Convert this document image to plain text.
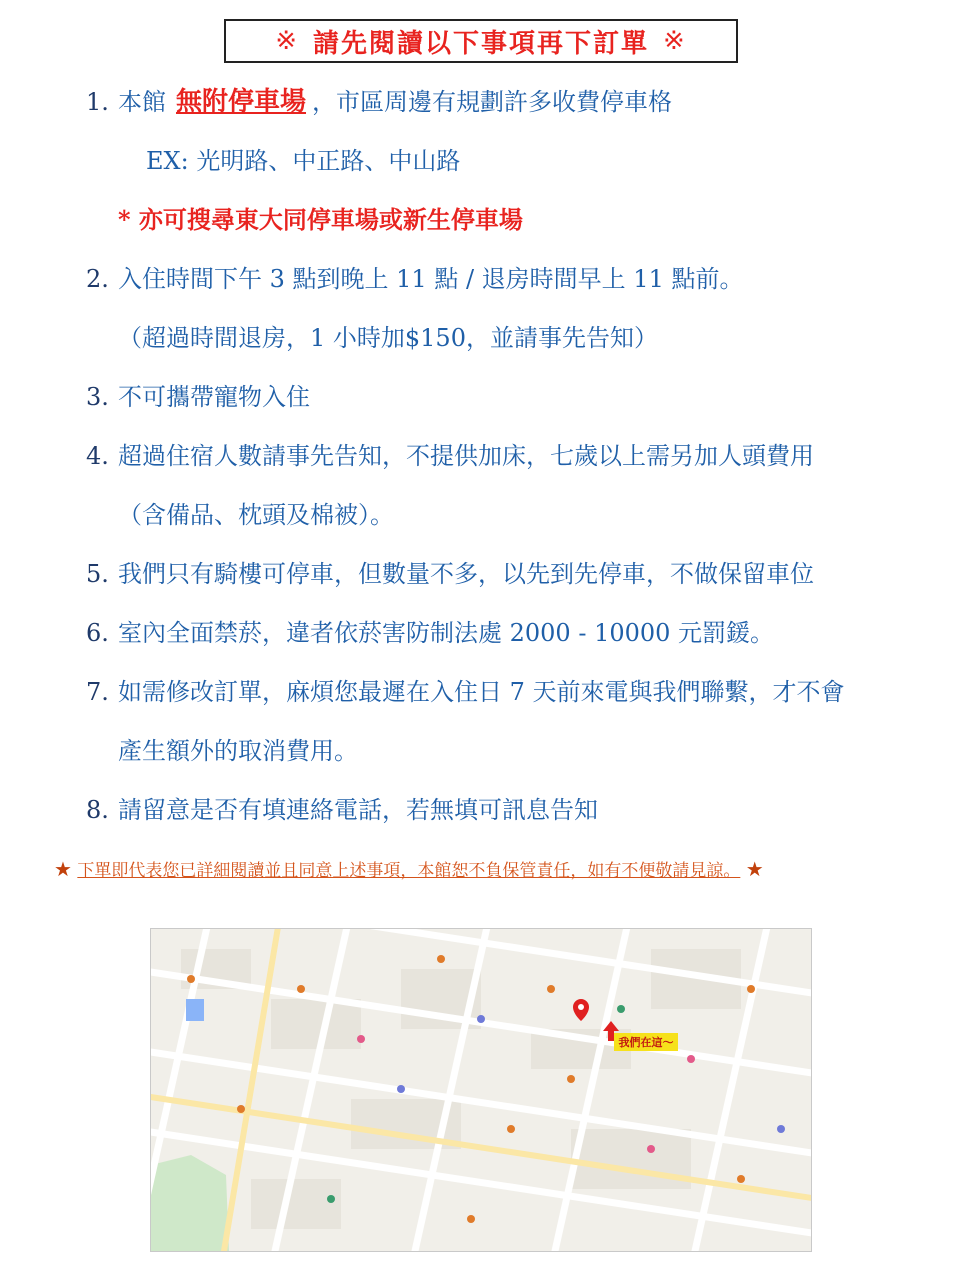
※ 請先閱讀以下事項再下訂單 ※
1. 本館 無附停車場 ，市區周邊有規劃許多收費停車格
EX: 光明路、中正路、中山路
* 亦可搜尋東大同停車場或新生停車場
2. 入住時間下午 3 點到晚上 11 點 / 退房時間早上 11 點前。
（超過時間退房，1 小時加$150，並請事先告知）
3. 不可攜帶寵物入住
4. 超過住宿人數請事先告知，不提供加床，七歲以上需另加人頭費用
（含備品、枕頭及棉被）。
5. 我們只有騎樓可停車，但數量不多，以先到先停車，不做保留車位
6. 室內全面禁菸，違者依菸害防制法處 2000 - 10000 元罰鍰。
7. 如需修改訂單，麻煩您最遲在入住日 7 天前來電與我們聯繫，才不會
產生額外的取消費用。
8. 請留意是否有填連絡電話，若無填可訊息告知
★ 下單即代表您已詳細閱讀並且同意上述事項，本館恕不負保管責任，如有不便敬請見諒。 ★
我們在這～
